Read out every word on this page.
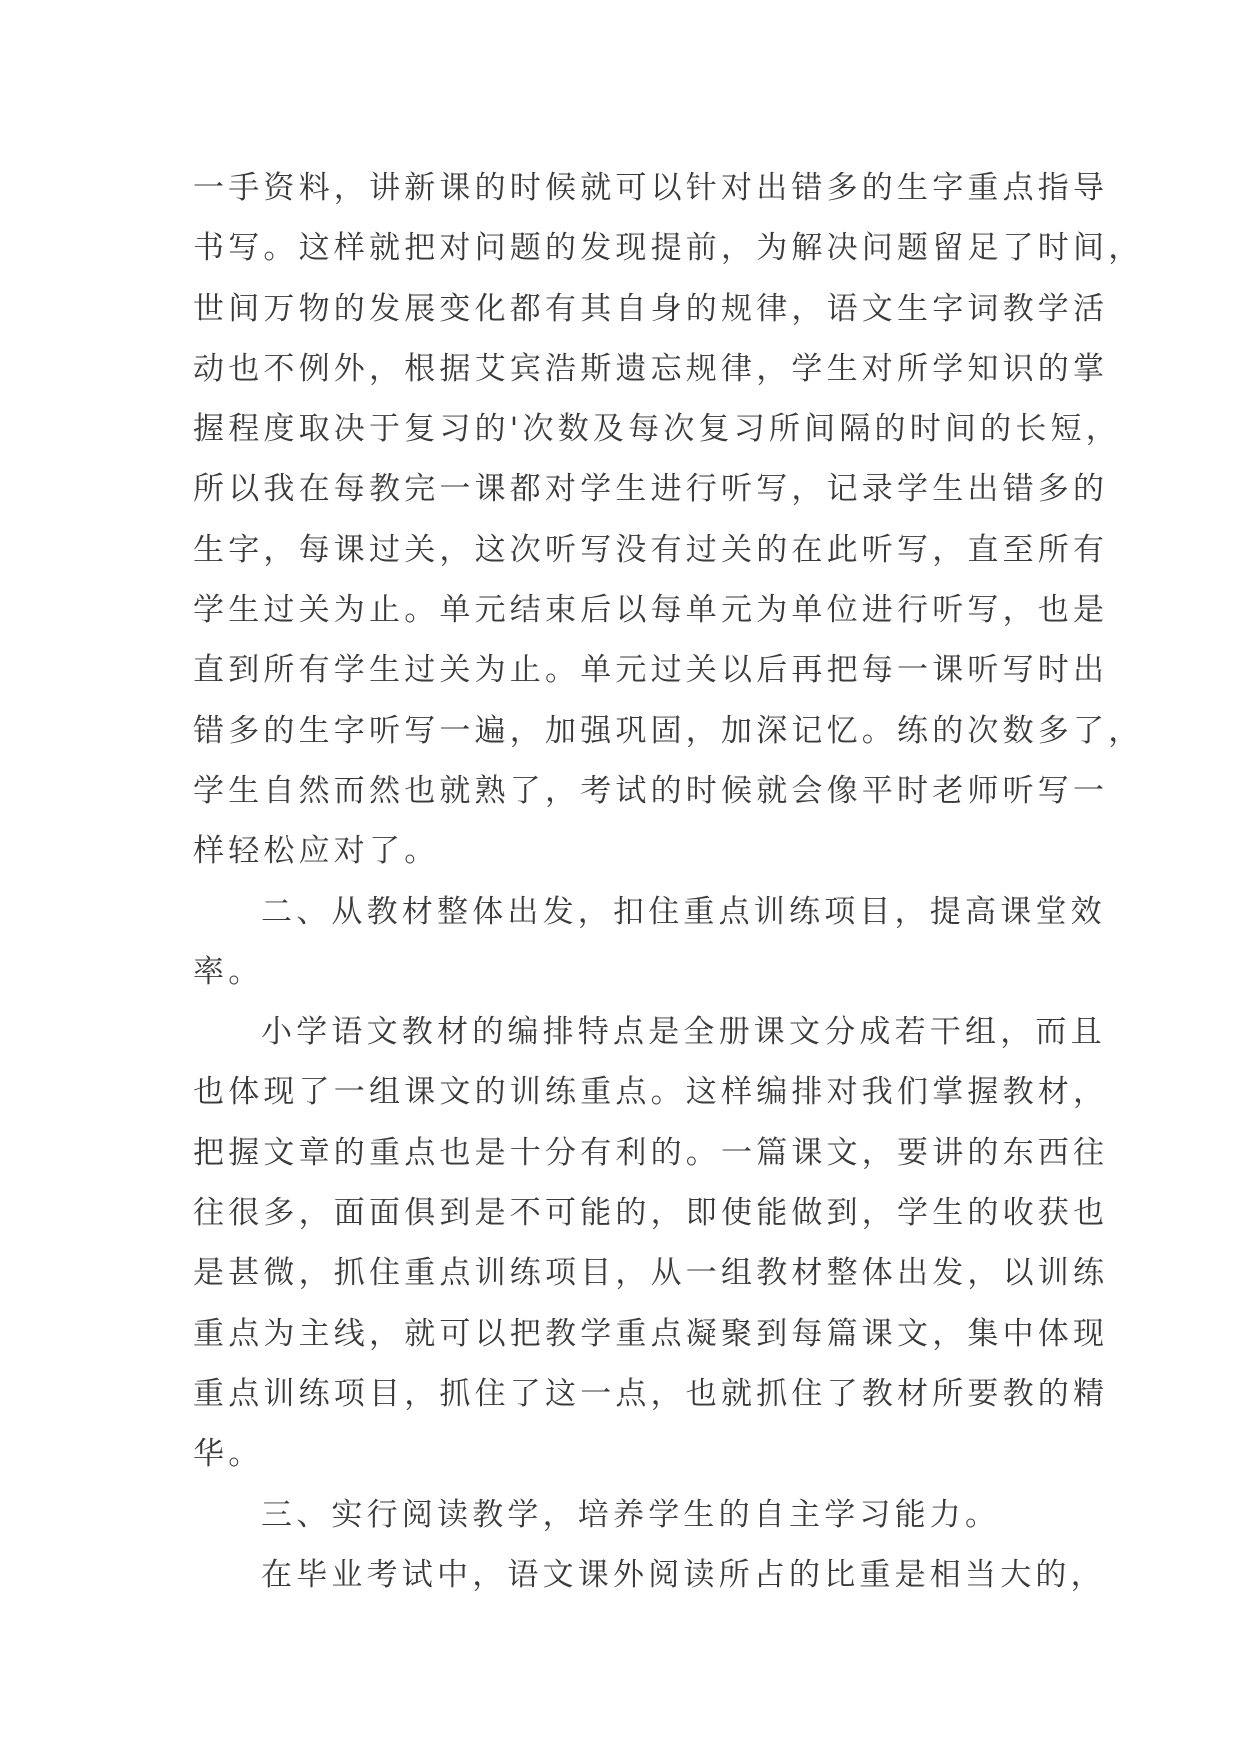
一手资料，讲新课的时候就可以针对出错多的生字重点指导
书写。这样就把对问题的发现提前，为解决问题留足了时间，
世间万物的发展变化都有其自身的规律，语文生字词教学活
动也不例外，根据艾宾浩斯遗忘规律，学生对所学知识的掌
握程度取决于复习的'次数及每次复习所间隔的时间的长短，
所以我在每教完一课都对学生进行听写，记录学生出错多的
生字，每课过关，这次听写没有过关的在此听写，直至所有
学生过关为止。单元结束后以每单元为单位进行听写，也是
直到所有学生过关为止。单元过关以后再把每一课听写时出
错多的生字听写一遍，加强巩固，加深记忆。练的次数多了，
学生自然而然也就熟了，考试的时候就会像平时老师听写一
样轻松应对了。
二、从教材整体出发，扣住重点训练项目，提高课堂效
率。
小学语文教材的编排特点是全册课文分成若干组，而且
也体现了一组课文的训练重点。这样编排对我们掌握教材，
把握文章的重点也是十分有利的。一篇课文，要讲的东西往
往很多，面面俱到是不可能的，即使能做到，学生的收获也
是甚微，抓住重点训练项目，从一组教材整体出发，以训练
重点为主线，就可以把教学重点凝聚到每篇课文，集中体现
重点训练项目，抓住了这一点，也就抓住了教材所要教的精
华。
三、实行阅读教学，培养学生的自主学习能力。
在毕业考试中，语文课外阅读所占的比重是相当大的，
